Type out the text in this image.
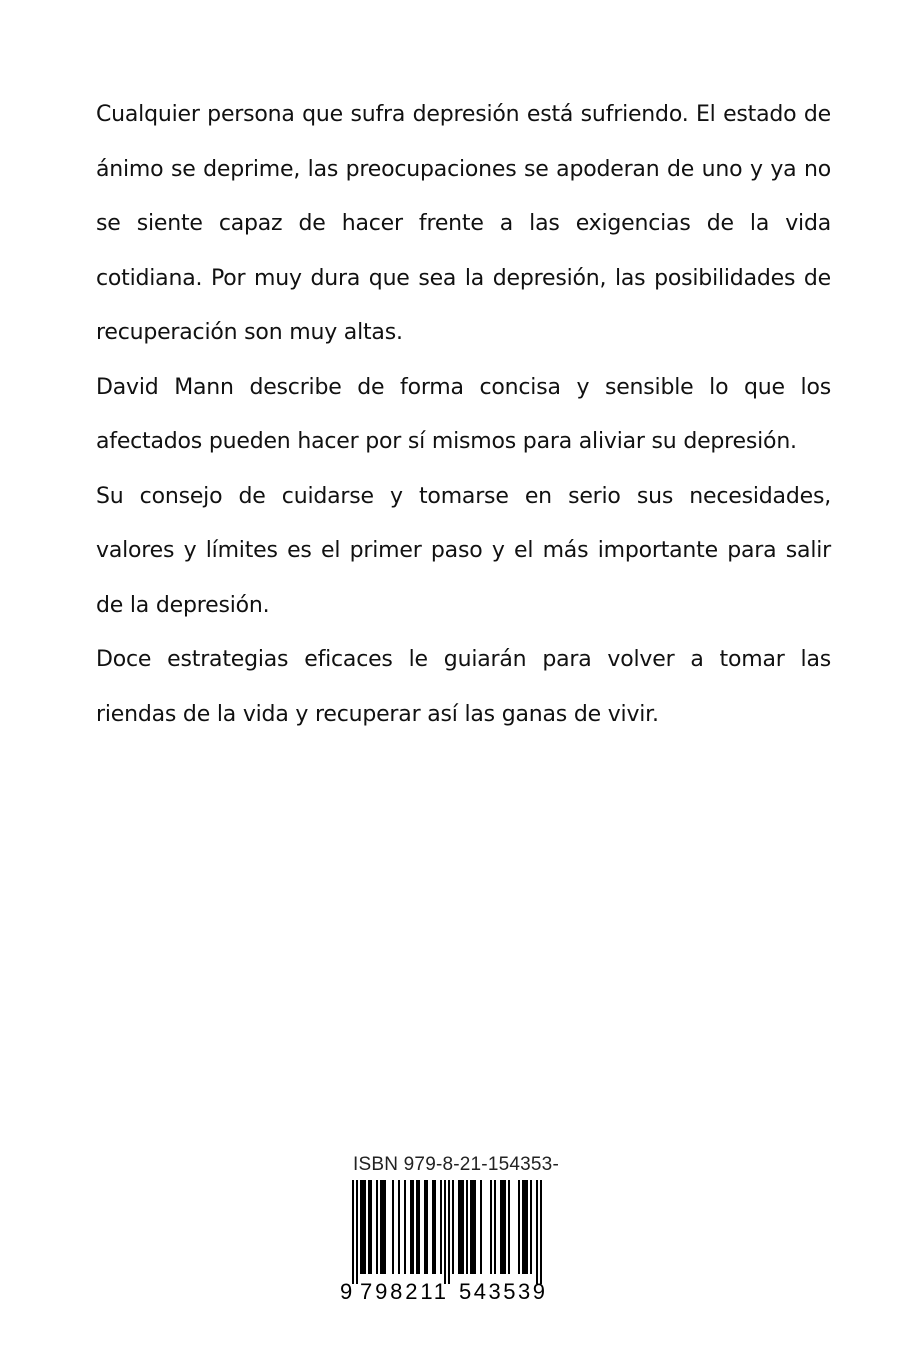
Cualquier persona que sufra depresión está sufriendo. El estado de ánimo se deprime, las preocupaciones se apoderan de uno y ya no se siente capaz de hacer frente a las exigencias de la vida cotidiana. Por muy dura que sea la depresión, las posibilidades de recuperación son muy altas.

David Mann describe de forma concisa y sensible lo que los afectados pueden hacer por sí mismos para aliviar su depresión.

Su consejo de cuidarse y tomarse en serio sus necesidades, valores y límites es el primer paso y el más importante para salir de la depresión.

Doce estrategias eficaces le guiarán para volver a tomar las riendas de la vida y recuperar así las ganas de vivir.

ISBN 979-8-21-154353-
9 798211 543539
